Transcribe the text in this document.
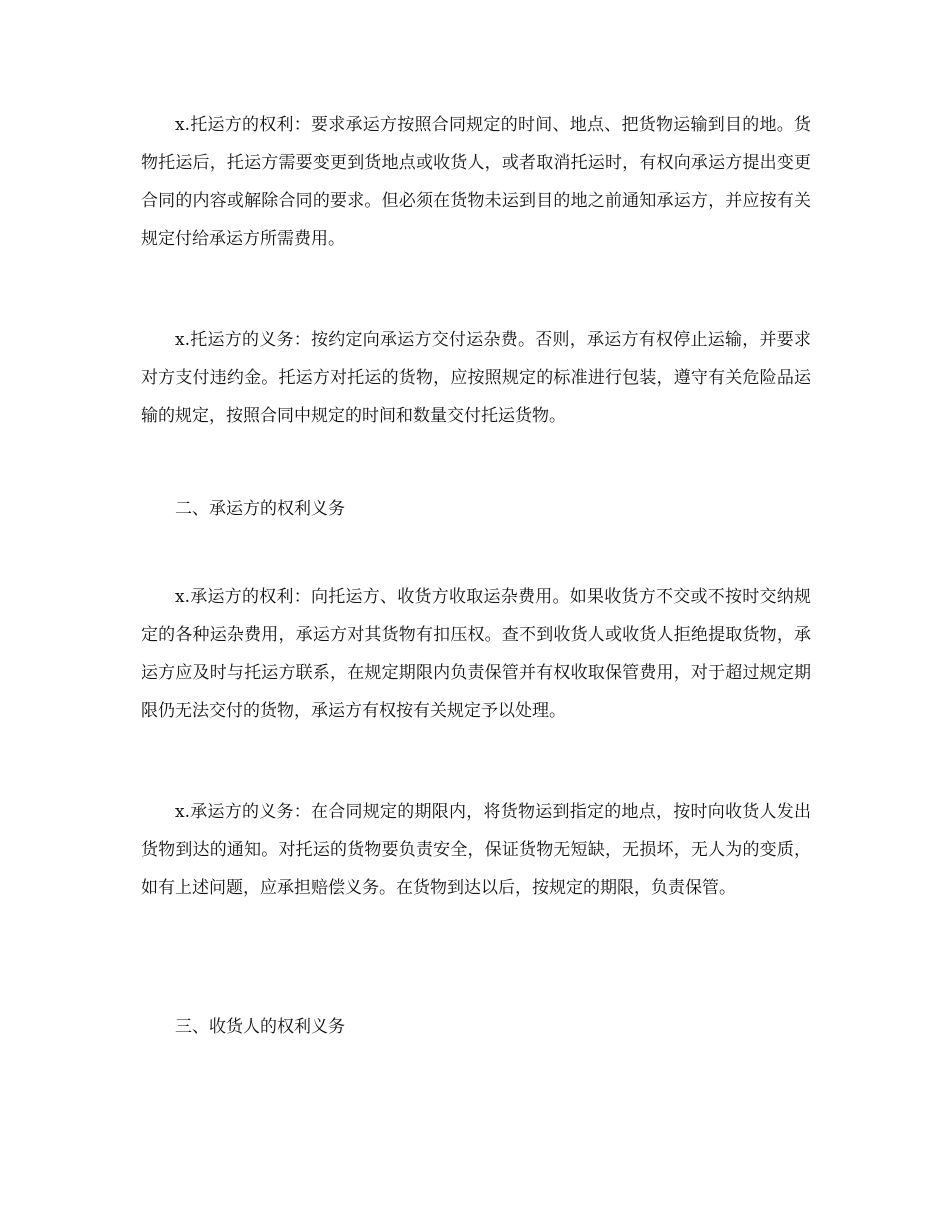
x.托运方的权利：要求承运方按照合同规定的时间、地点、把货物运输到目的地。货物托运后，托运方需要变更到货地点或收货人，或者取消托运时，有权向承运方提出变更合同的内容或解除合同的要求。但必须在货物未运到目的地之前通知承运方，并应按有关规定付给承运方所需费用。

x.托运方的义务：按约定向承运方交付运杂费。否则，承运方有权停止运输，并要求对方支付违约金。托运方对托运的货物，应按照规定的标准进行包装，遵守有关危险品运输的规定，按照合同中规定的时间和数量交付托运货物。

二、承运方的权利义务

x.承运方的权利：向托运方、收货方收取运杂费用。如果收货方不交或不按时交纳规定的各种运杂费用，承运方对其货物有扣压权。查不到收货人或收货人拒绝提取货物，承运方应及时与托运方联系，在规定期限内负责保管并有权收取保管费用，对于超过规定期限仍无法交付的货物，承运方有权按有关规定予以处理。

x.承运方的义务：在合同规定的期限内，将货物运到指定的地点，按时向收货人发出货物到达的通知。对托运的货物要负责安全，保证货物无短缺，无损坏，无人为的变质，如有上述问题，应承担赔偿义务。在货物到达以后，按规定的期限，负责保管。

三、收货人的权利义务
